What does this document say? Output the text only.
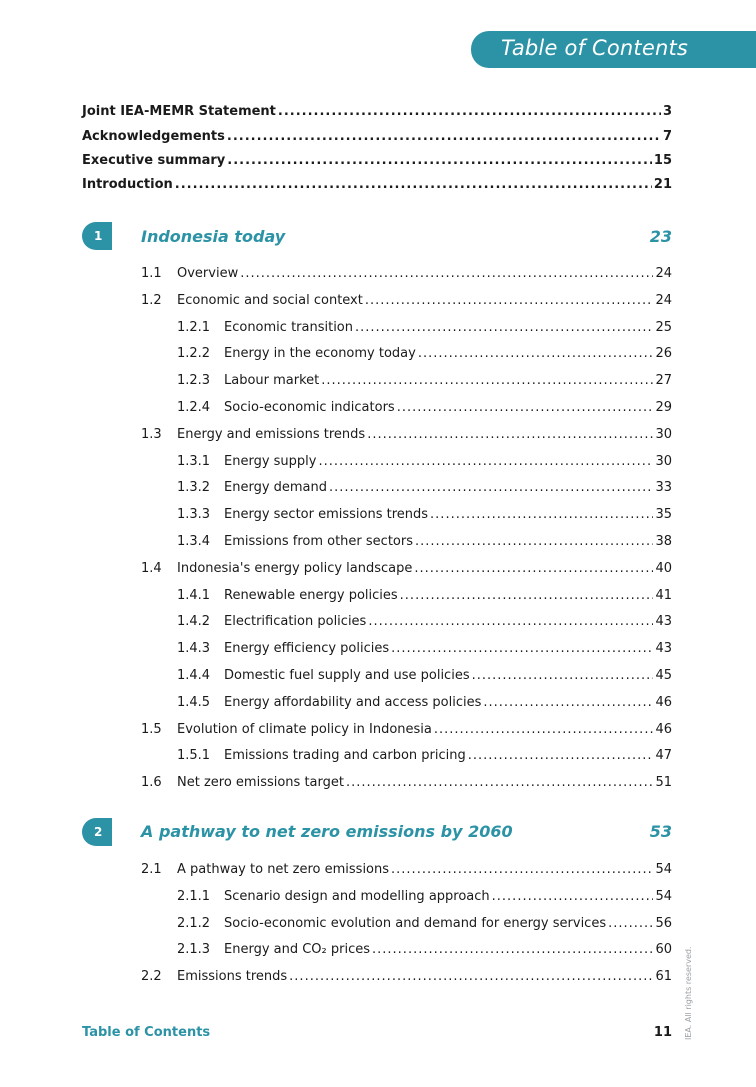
Table of Contents
Joint IEA-MEMR Statement .....	3
Acknowledgements .....	7
Executive summary .....	15
Introduction .....	21
1 Indonesia today	23
1.1 Overview .....	24
1.2 Economic and social context .....	24
1.2.1 Economic transition .....	25
1.2.2 Energy in the economy today .....	26
1.2.3 Labour market .....	27
1.2.4 Socio-economic indicators .....	29
1.3 Energy and emissions trends .....	30
1.3.1 Energy supply .....	30
1.3.2 Energy demand .....	33
1.3.3 Energy sector emissions trends .....	35
1.3.4 Emissions from other sectors .....	38
1.4 Indonesia's energy policy landscape .....	40
1.4.1 Renewable energy policies .....	41
1.4.2 Electrification policies .....	43
1.4.3 Energy efficiency policies .....	43
1.4.4 Domestic fuel supply and use policies .....	45
1.4.5 Energy affordability and access policies .....	46
1.5 Evolution of climate policy in Indonesia .....	46
1.5.1 Emissions trading and carbon pricing .....	47
1.6 Net zero emissions target .....	51
2 A pathway to net zero emissions by 2060	53
2.1 A pathway to net zero emissions .....	54
2.1.1 Scenario design and modelling approach .....	54
2.1.2 Socio-economic evolution and demand for energy services .....	56
2.1.3 Energy and CO₂ prices .....	60
2.2 Emissions trends .....	61
Table of Contents	11 IEA. All rights reserved.
